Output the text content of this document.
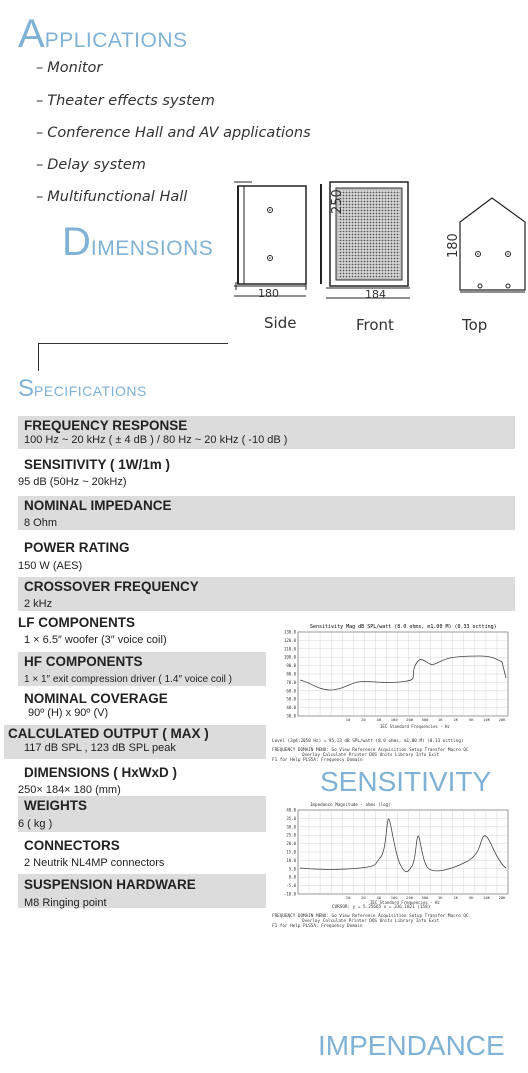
APPLICATIONS
– Monitor
– Theater effects system
– Conference Hall and AV applications
– Delay system
– Multifunctional Hall
DIMENSIONS
180	184
250
180
Side	Front	Top
SPECIFICATIONS
FREQUENCY RESPONSE
100 Hz ~ 20 kHz ( ± 4 dB ) / 80 Hz ~ 20 kHz ( -10 dB )
SENSITIVITY ( 1W/1m )
95 dB (50Hz ~ 20kHz)
NOMINAL IMPEDANCE
8 Ohm
POWER RATING
150 W (AES)
CROSSOVER FREQUENCY
2 kHz
LF COMPONENTS
1 × 6.5″ woofer (3″ voice coil)
HF COMPONENTS
1 × 1″ exit compression driver ( 1.4″ voice coil )
NOMINAL COVERAGE
90º (H) x 90º (V)
CALCULATED OUTPUT ( MAX )
117 dB SPL , 123 dB SPL peak
DIMENSIONS ( HxWxD )
250× 184× 180 (mm)
WEIGHTS
6 ( kg )
CONNECTORS
2 Neutrik NL4MP connectors
SUSPENSION HARDWARE
M8 Ringing point
Sensitivity Mag dB SPL/watt (8.0 ohms, m1.00 M) (0.33 octting)
130.0
120.0
110.0
100.0
90.0
80.0
70.0
60.0
50.0
40.0
30.0
10	20	40	100 200 500	1K	2K	5K	10K 20K
IEC Standard Frequencies - Hz
Level (2@4:2050 Hz) = 95.13 dB SPL/watt (8.0 ohms, m1.00 M) (0.33 octting)
FREQUENCY DOMAIN MENU: Go View Reference Acquisition Setup Transfer Macro QC
Overlay Calculate Printer DOS Units Library Info Exit
F1 for Help PLS5A: Frequency Domain
SENSITIVITY
Impedance Magnitude - ohms (log)
40.0
35.0
30.0
25.0
20.0
15.0
10.0
5.0
0.0
-5.0
-10.0
10	20	40	100 200 500	1K	2K	5K	10K 20K
IEC Standard Frequencies - Hz
CURSOR: y = 5.25665 x = 336.1821 (158)
FREQUENCY DOMAIN MENU: Go View Reference Acquisition Setup Transfer Macro QC
Overlay Calculate Printer DOS Units Library Info Exit
F1 for Help PLS5A: Frequency Domain
IMPENDANCE
